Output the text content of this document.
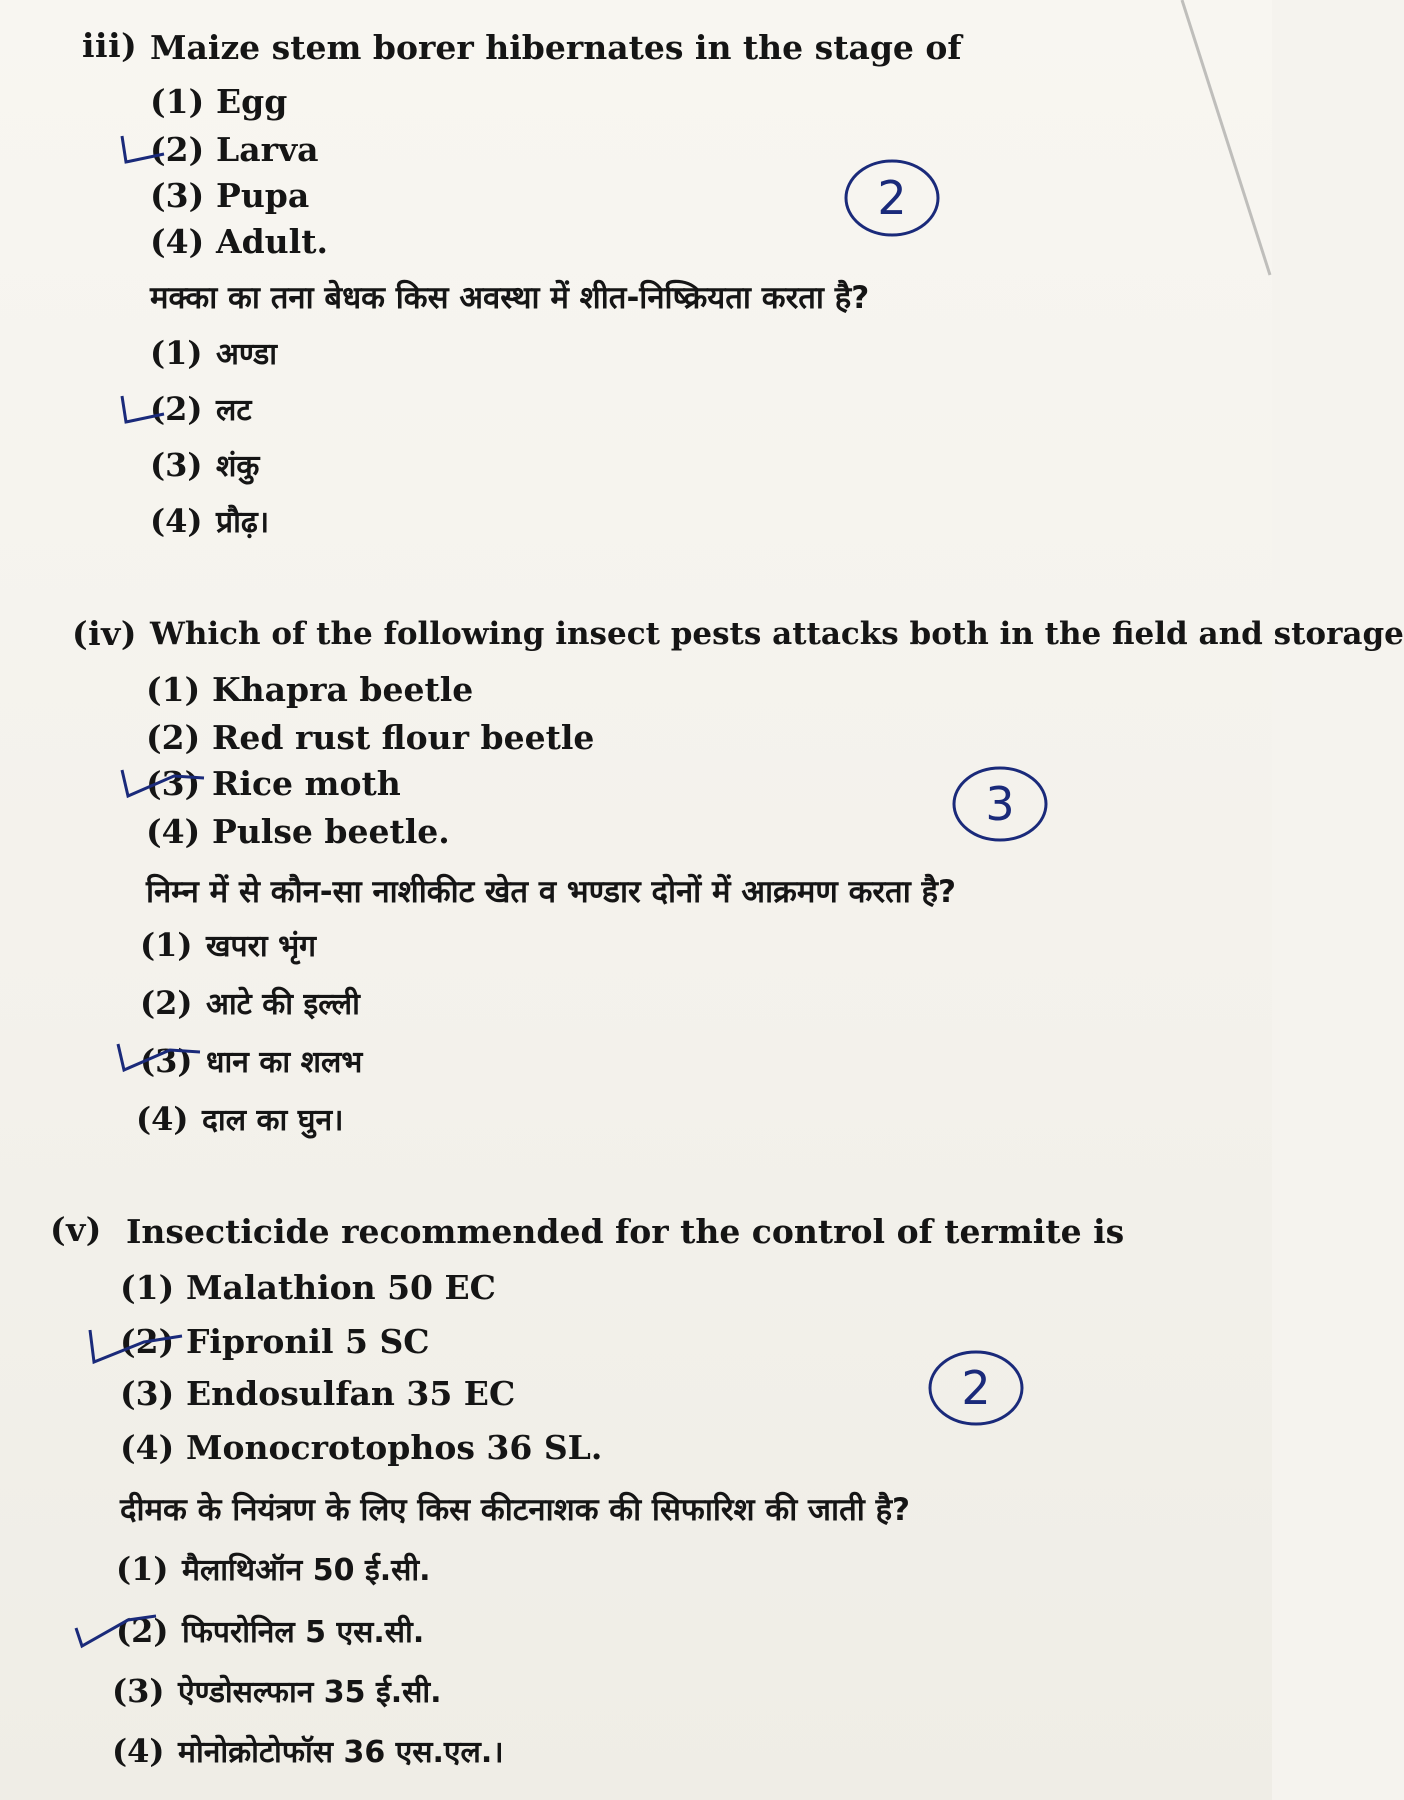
iii) Maize stem borer hibernates in the stage of
(1) Egg
(2) Larva
(3) Pupa
(4) Adult.
मक्का का तना बेधक किस अवस्था में शीत-निष्क्रियता करता है?
(1) अण्डा
(2) लट
(3) शंकु
(4) प्रौढ़।
2
(iv) Which of the following insect pests attacks both in the field and storage
(1) Khapra beetle
(2) Red rust flour beetle
(3) Rice moth
(4) Pulse beetle.
निम्न में से कौन-सा नाशीकीट खेत व भण्डार दोनों में आक्रमण करता है?
(1) खपरा भृंग
(2) आटे की इल्ली
(3) धान का शलभ
(4) दाल का घुन।
3
(v) Insecticide recommended for the control of termite is
(1) Malathion 50 EC
(2) Fipronil 5 SC
(3) Endosulfan 35 EC
(4) Monocrotophos 36 SL.
दीमक के नियंत्रण के लिए किस कीटनाशक की सिफारिश की जाती है?
(1) मैलाथिऑन 50 ई.सी.
(2) फिपरोनिल 5 एस.सी.
(3) ऐण्डोसल्फान 35 ई.सी.
(4) मोनोक्रोटोफॉस 36 एस.एल.।
2
